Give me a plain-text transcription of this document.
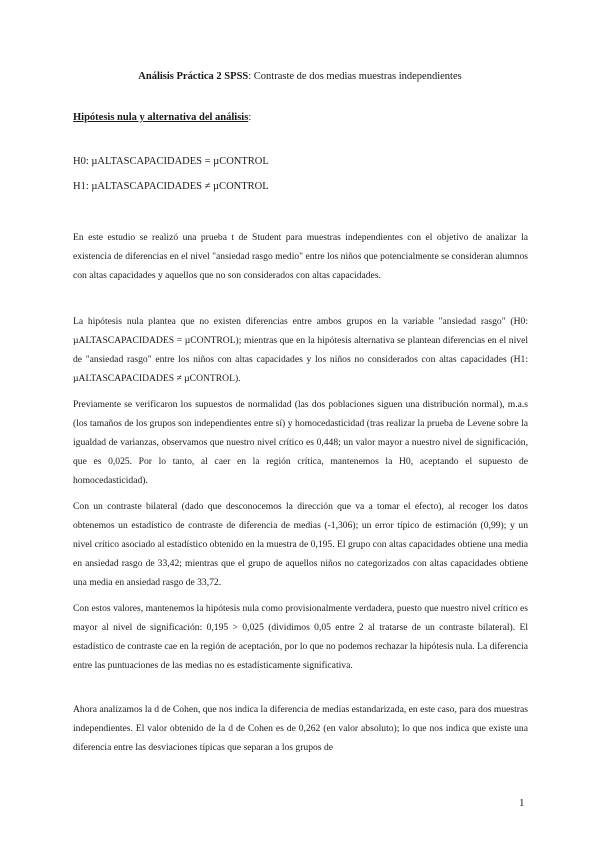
Análisis Práctica 2 SPSS: Contraste de dos medias muestras independientes
Hipótesis nula y alternativa del análisis:
H0: µALTASCAPACIDADES = µCONTROL
H1: µALTASCAPACIDADES ≠ µCONTROL

En este estudio se realizó una prueba t de Student para muestras independientes con el objetivo de analizar la existencia de diferencias en el nivel "ansiedad rasgo medio" entre los niños que potencialmente se consideran alumnos con altas capacidades y aquellos que no son considerados con altas capacidades.

La hipótesis nula plantea que no existen diferencias entre ambos grupos en la variable "ansiedad rasgo" (H0: µALTASCAPACIDADES = µCONTROL); mientras que en la hipótesis alternativa se plantean diferencias en el nivel de "ansiedad rasgo" entre los niños con altas capacidades y los niños no considerados con altas capacidades (H1: µALTASCAPACIDADES ≠ µCONTROL).

Previamente se verificaron los supuestos de normalidad (las dos poblaciones siguen una distribución normal), m.a.s (los tamaños de los grupos son independientes entre sí) y homocedasticidad (tras realizar la prueba de Levene sobre la igualdad de varianzas, observamos que nuestro nivel crítico es 0,448; un valor mayor a nuestro nivel de significación, que es 0,025. Por lo tanto, al caer en la región crítica, mantenemos la H0, aceptando el supuesto de homocedasticidad).

Con un contraste bilateral (dado que desconocemos la dirección que va a tomar el efecto), al recoger los datos obtenemos un estadístico de contraste de diferencia de medias (-1,306); un error típico de estimación (0,99); y un nivel crítico asociado al estadístico obtenido en la muestra de 0,195. El grupo con altas capacidades obtiene una media en ansiedad rasgo de 33,42; mientras que el grupo de aquellos niños no categorizados con altas capacidades obtiene una media en ansiedad rasgo de 33,72.

Con estos valores, mantenemos la hipótesis nula como provisionalmente verdadera, puesto que nuestro nivel crítico es mayor al nivel de significación: 0,195 > 0,025 (dividimos 0,05 entre 2 al tratarse de un contraste bilateral). El estadístico de contraste cae en la región de aceptación, por lo que no podemos rechazar la hipótesis nula. La diferencia entre las puntuaciones de las medias no es estadísticamente significativa.

Ahora analizamos la d de Cohen, que nos indica la diferencia de medias estandarizada, en este caso, para dos muestras independientes. El valor obtenido de la d de Cohen es de 0,262 (en valor absoluto); lo que nos indica que existe una diferencia entre las desviaciones típicas que separan a los grupos de

1
